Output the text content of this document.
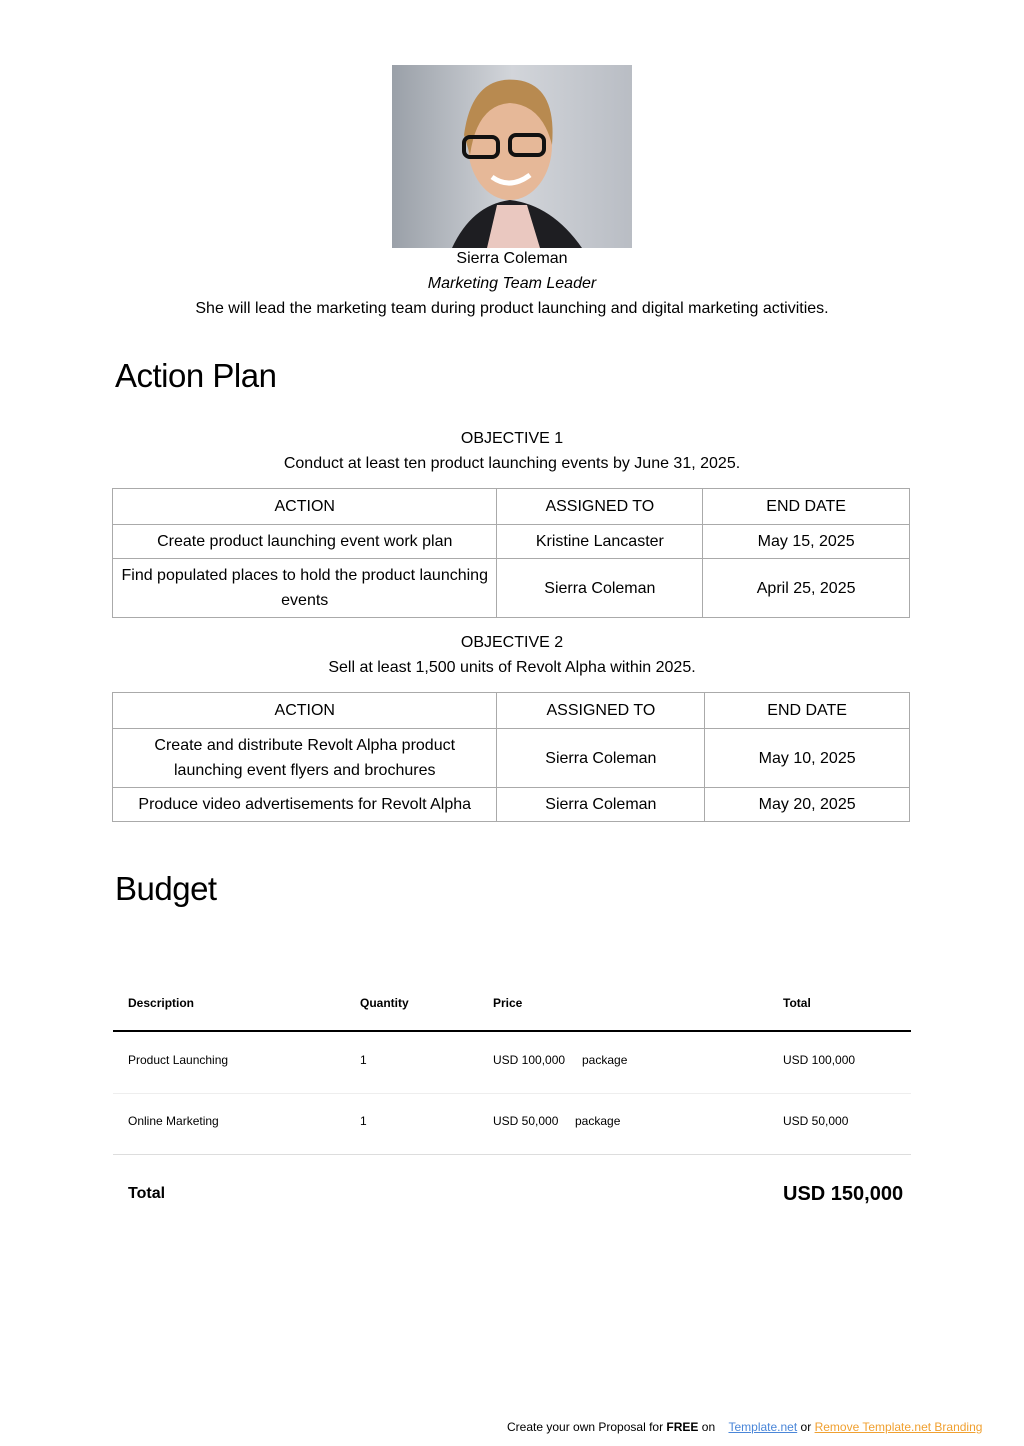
Sierra Coleman
Marketing Team Leader
She will lead the marketing team during product launching and digital marketing activities.
Action Plan
OBJECTIVE 1
Conduct at least ten product launching events by June 31, 2025.
ACTION	ASSIGNED TO	END DATE
Create product launching event work plan	Kristine Lancaster	May 15, 2025
Find populated places to hold the product launching events	Sierra Coleman	April 25, 2025
OBJECTIVE 2
Sell at least 1,500 units of Revolt Alpha within 2025.
ACTION	ASSIGNED TO	END DATE
Create and distribute Revolt Alpha product launching event flyers and brochures	Sierra Coleman	May 10, 2025
Produce video advertisements for Revolt Alpha	Sierra Coleman	May 20, 2025
Budget
Description	Quantity	Price	Total
Product Launching	1	USD 100,000 package	USD 100,000
Online Marketing	1	USD 50,000 package	USD 50,000
Total	USD 150,000
Create your own Proposal for FREE on Template.net or Remove Template.net Branding
